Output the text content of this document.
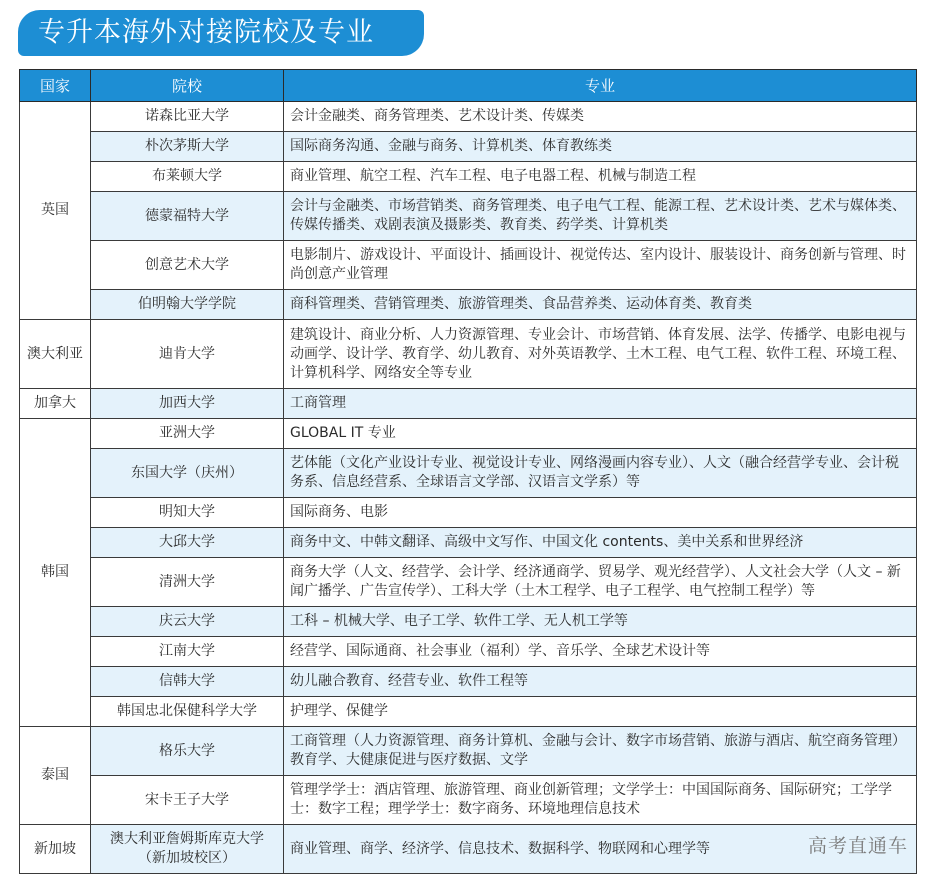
专升本海外对接院校及专业
国家	院校	专业
英国	诺森比亚大学	会计金融类、商务管理类、艺术设计类、传媒类
	朴次茅斯大学	国际商务沟通、金融与商务、计算机类、体育教练类
	布莱顿大学	商业管理、航空工程、汽车工程、电子电器工程、机械与制造工程
	德蒙福特大学	会计与金融类、市场营销类、商务管理类、电子电气工程、能源工程、艺术设计类、艺术与媒体类、传媒传播类、戏剧表演及摄影类、教育类、药学类、计算机类
	创意艺术大学	电影制片、游戏设计、平面设计、插画设计、视觉传达、室内设计、服装设计、商务创新与管理、时尚创意产业管理
	伯明翰大学学院	商科管理类、营销管理类、旅游管理类、食品营养类、运动体育类、教育类
澳大利亚	迪肯大学	建筑设计、商业分析、人力资源管理、专业会计、市场营销、体育发展、法学、传播学、电影电视与动画学、设计学、教育学、幼儿教育、对外英语教学、土木工程、电气工程、软件工程、环境工程、计算机科学、网络安全等专业
加拿大	加西大学	工商管理
韩国	亚洲大学	GLOBAL IT 专业
	东国大学（庆州）	艺体能（文化产业设计专业、视觉设计专业、网络漫画内容专业）、人文（融合经营学专业、会计税务系、信息经营系、全球语言文学部、汉语言文学系）等
	明知大学	国际商务、电影
	大邱大学	商务中文、中韩文翻译、高级中文写作、中国文化 contents、美中关系和世界经济
	清洲大学	商务大学（人文、经营学、会计学、经济通商学、贸易学、观光经营学）、人文社会大学（人文 – 新闻广播学、广告宣传学）、工科大学（土木工程学、电子工程学、电气控制工程学）等
	庆云大学	工科 – 机械大学、电子工学、软件工学、无人机工学等
	江南大学	经营学、国际通商、社会事业（福利）学、音乐学、全球艺术设计等
	信韩大学	幼儿融合教育、经营专业、软件工程等
	韩国忠北保健科学大学	护理学、保健学
泰国	格乐大学	工商管理（人力资源管理、商务计算机、金融与会计、数字市场营销、旅游与酒店、航空商务管理）教育学、大健康促进与医疗数据、文学
	宋卡王子大学	管理学学士：酒店管理、旅游管理、商业创新管理；文学学士：中国国际商务、国际研究；工学学士：数字工程；理学学士：数字商务、环境地理信息技术
新加坡	澳大利亚詹姆斯库克大学（新加坡校区）	商业管理、商学、经济学、信息技术、数据科学、物联网和心理学等	高考直通车
